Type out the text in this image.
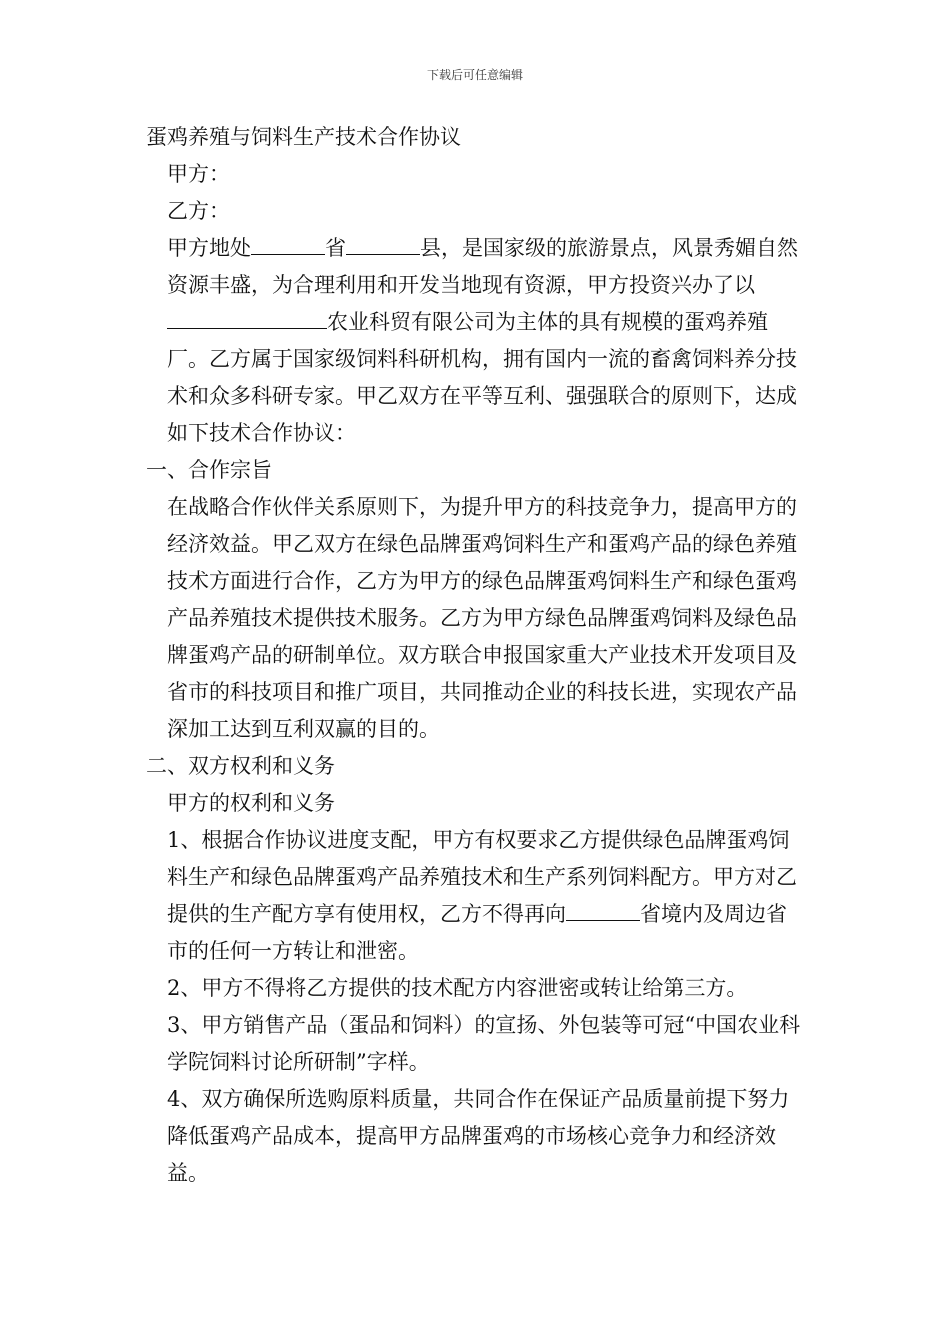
下载后可任意编辑

蛋鸡养殖与饲料生产技术合作协议

甲方：

乙方：

甲方地处	省	县，是国家级的旅游景点，风景秀媚自然资源丰盛，为合理利用和开发当地现有资源，甲方投资兴办了以农业科贸有限公司为主体的具有规模的蛋鸡养殖厂。乙方属于国家级饲料科研机构，拥有国内一流的畜禽饲料养分技术和众多科研专家。甲乙双方在平等互利、强强联合的原则下，达成如下技术合作协议：

一、合作宗旨

在战略合作伙伴关系原则下，为提升甲方的科技竞争力，提高甲方的经济效益。甲乙双方在绿色品牌蛋鸡饲料生产和蛋鸡产品的绿色养殖技术方面进行合作，乙方为甲方的绿色品牌蛋鸡饲料生产和绿色蛋鸡产品养殖技术提供技术服务。乙方为甲方绿色品牌蛋鸡饲料及绿色品牌蛋鸡产品的研制单位。双方联合申报国家重大产业技术开发项目及省市的科技项目和推广项目，共同推动企业的科技长进，实现农产品深加工达到互利双赢的目的。

二、双方权利和义务

甲方的权利和义务

1、根据合作协议进度支配，甲方有权要求乙方提供绿色品牌蛋鸡饲料生产和绿色品牌蛋鸡产品养殖技术和生产系列饲料配方。甲方对乙提供的生产配方享有使用权，乙方不得再向	省境内及周边省市的任何一方转让和泄密。

2、甲方不得将乙方提供的技术配方内容泄密或转让给第三方。

3、甲方销售产品（蛋品和饲料）的宣扬、外包装等可冠“中国农业科学院饲料讨论所研制”字样。

4、双方确保所选购原料质量，共同合作在保证产品质量前提下努力降低蛋鸡产品成本，提高甲方品牌蛋鸡的市场核心竞争力和经济效益。
